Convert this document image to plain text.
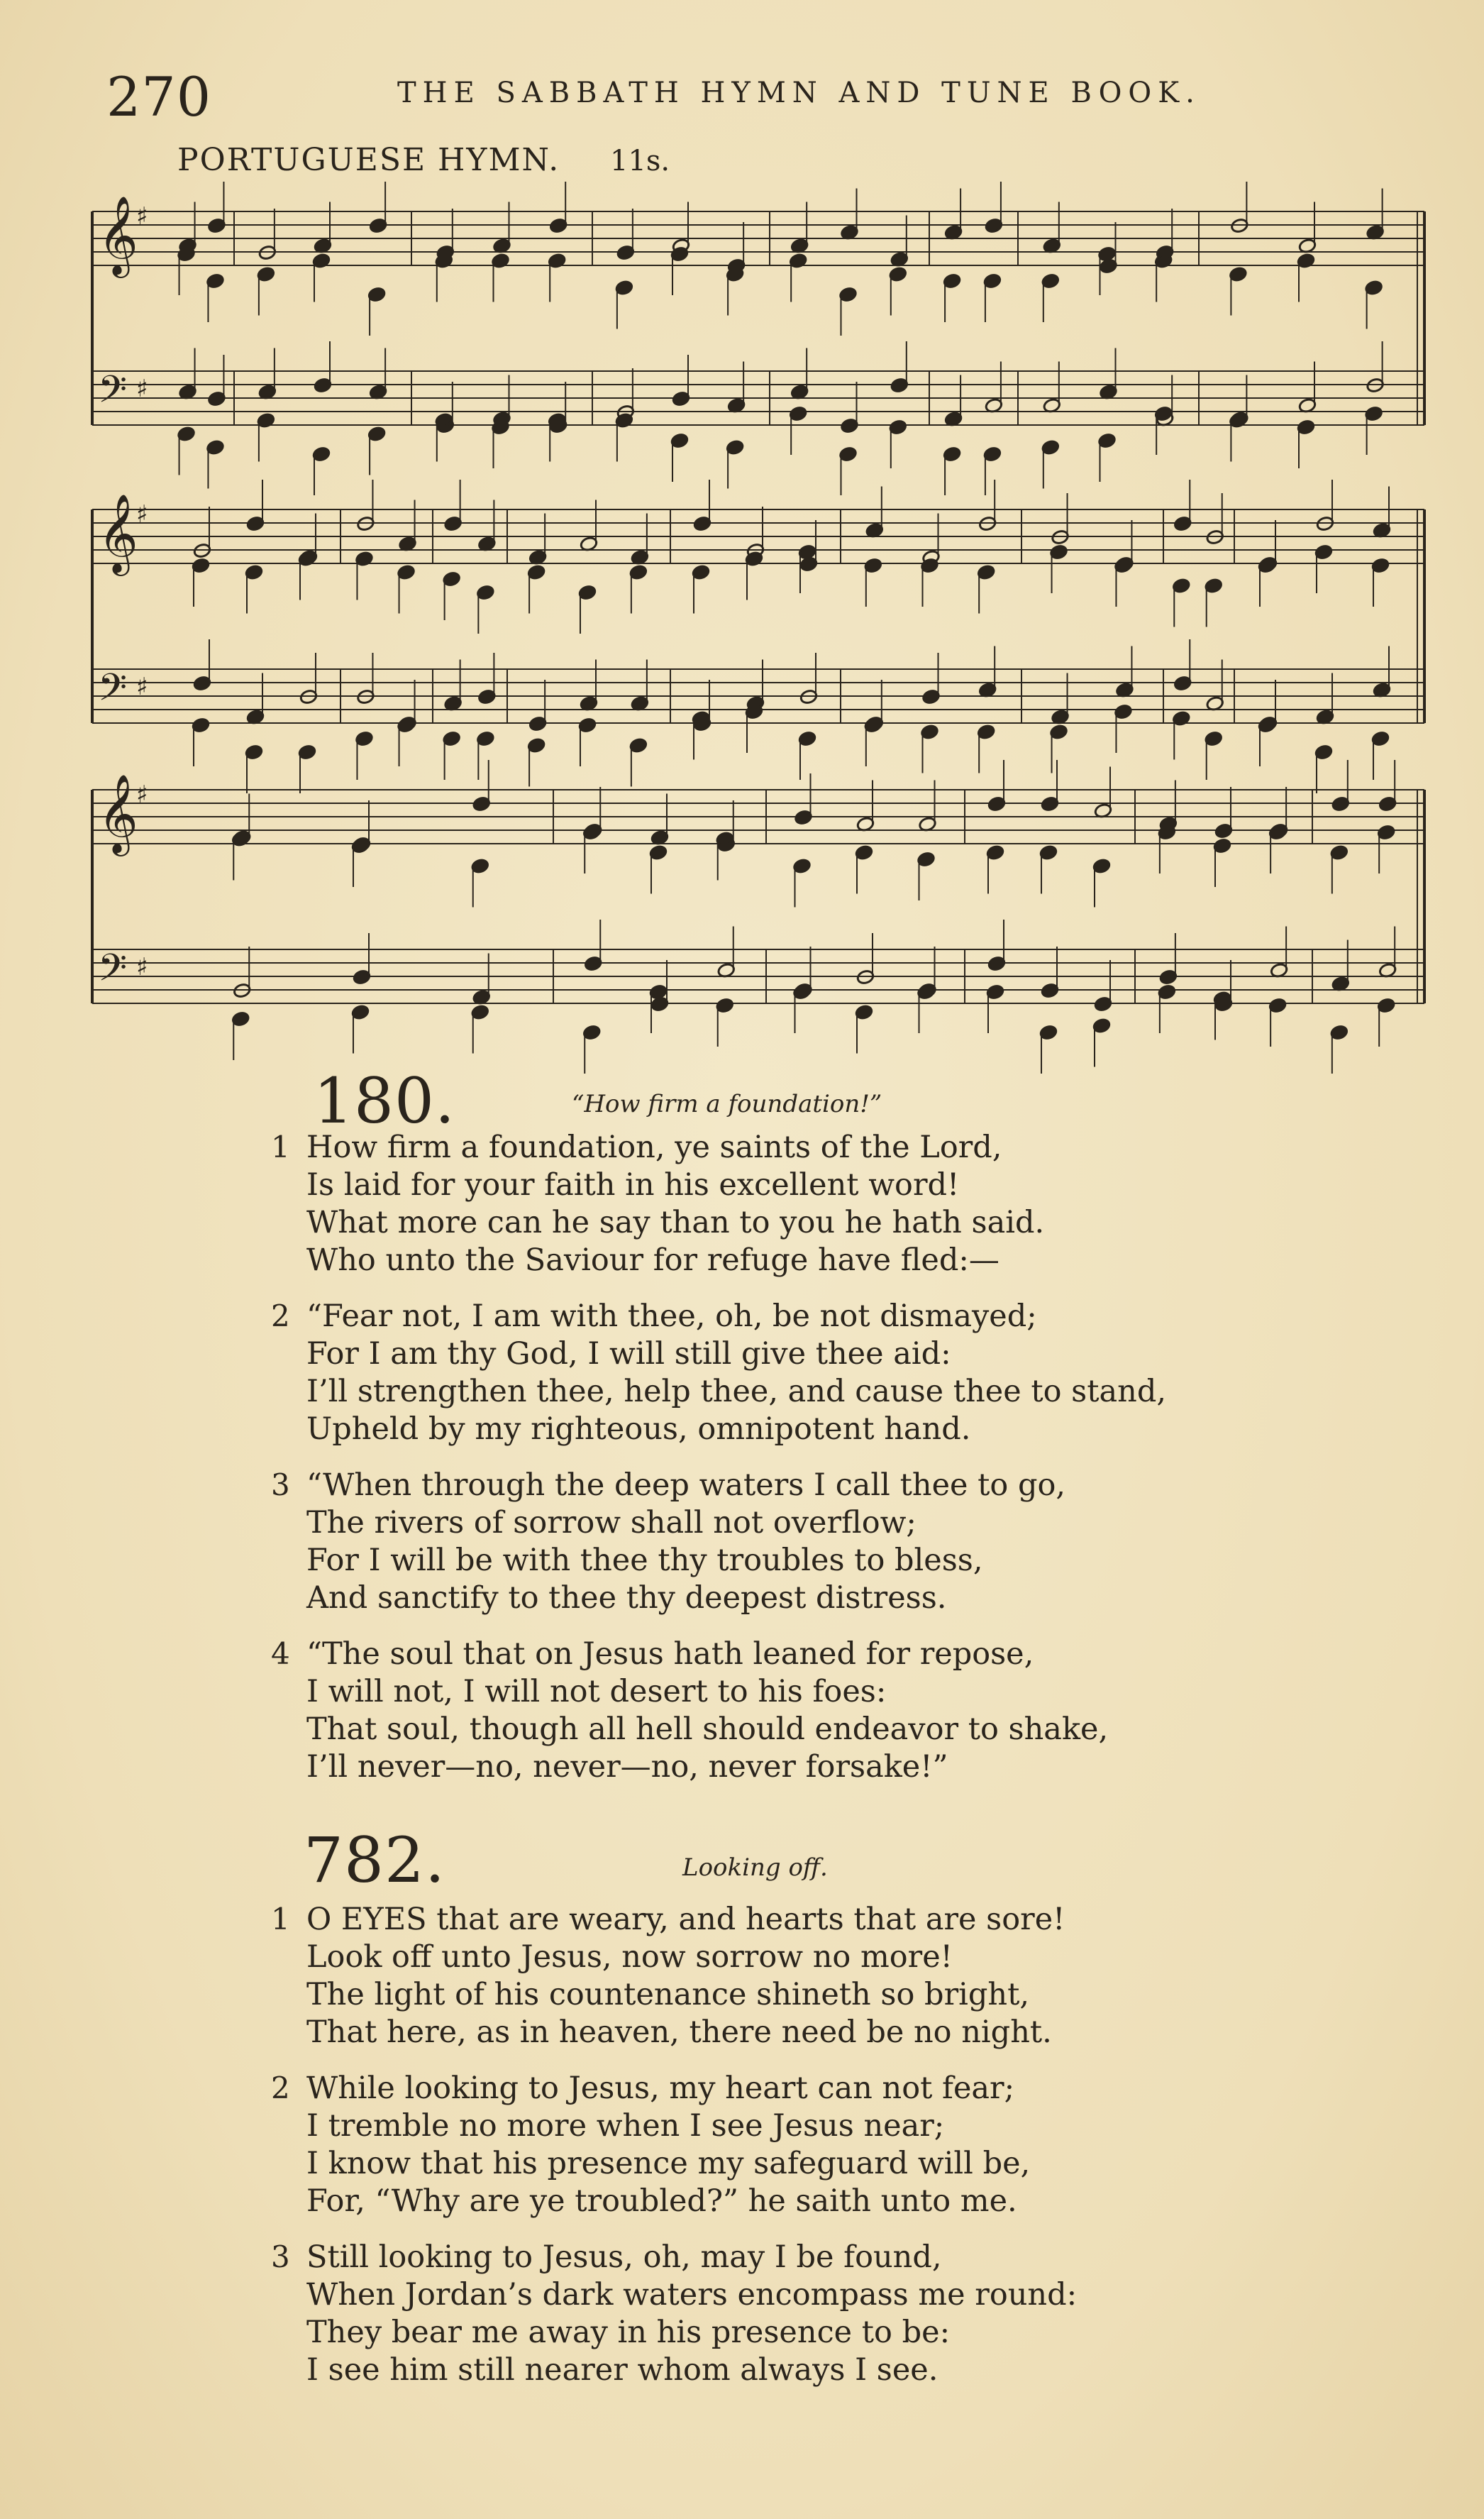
270	THE SABBATH HYMN AND TUNE BOOK.
PORTUGUESE HYMN. 11s.
𝄞
♯
𝄢 ♯
𝄞
♯
𝄢 ♯
𝄞
♯
𝄢 ♯
180.	“How firm a foundation!”
1 How firm a foundation, ye saints of the Lord,
Is laid for your faith in his excellent word!
What more can he say than to you he hath said.
Who unto the Saviour for refuge have fled:—
2 “Fear not, I am with thee, oh, be not dismayed;
For I am thy God, I will still give thee aid:
I’ll strengthen thee, help thee, and cause thee to stand,
Upheld by my righteous, omnipotent hand.
3 “When through the deep waters I call thee to go,
The rivers of sorrow shall not overflow;
For I will be with thee thy troubles to bless,
And sanctify to thee thy deepest distress.
4 “The soul that on Jesus hath leaned for repose,
I will not, I will not desert to his foes:
That soul, though all hell should endeavor to shake,
I’ll never—no, never—no, never forsake!”
782.	Looking off.
1 O EYES that are weary, and hearts that are sore!
Look off unto Jesus, now sorrow no more!
The light of his countenance shineth so bright,
That here, as in heaven, there need be no night.
2 While looking to Jesus, my heart can not fear;
I tremble no more when I see Jesus near;
I know that his presence my safeguard will be,
For, “Why are ye troubled?” he saith unto me.
3 Still looking to Jesus, oh, may I be found,
When Jordan’s dark waters encompass me round:
They bear me away in his presence to be:
I see him still nearer whom always I see.
